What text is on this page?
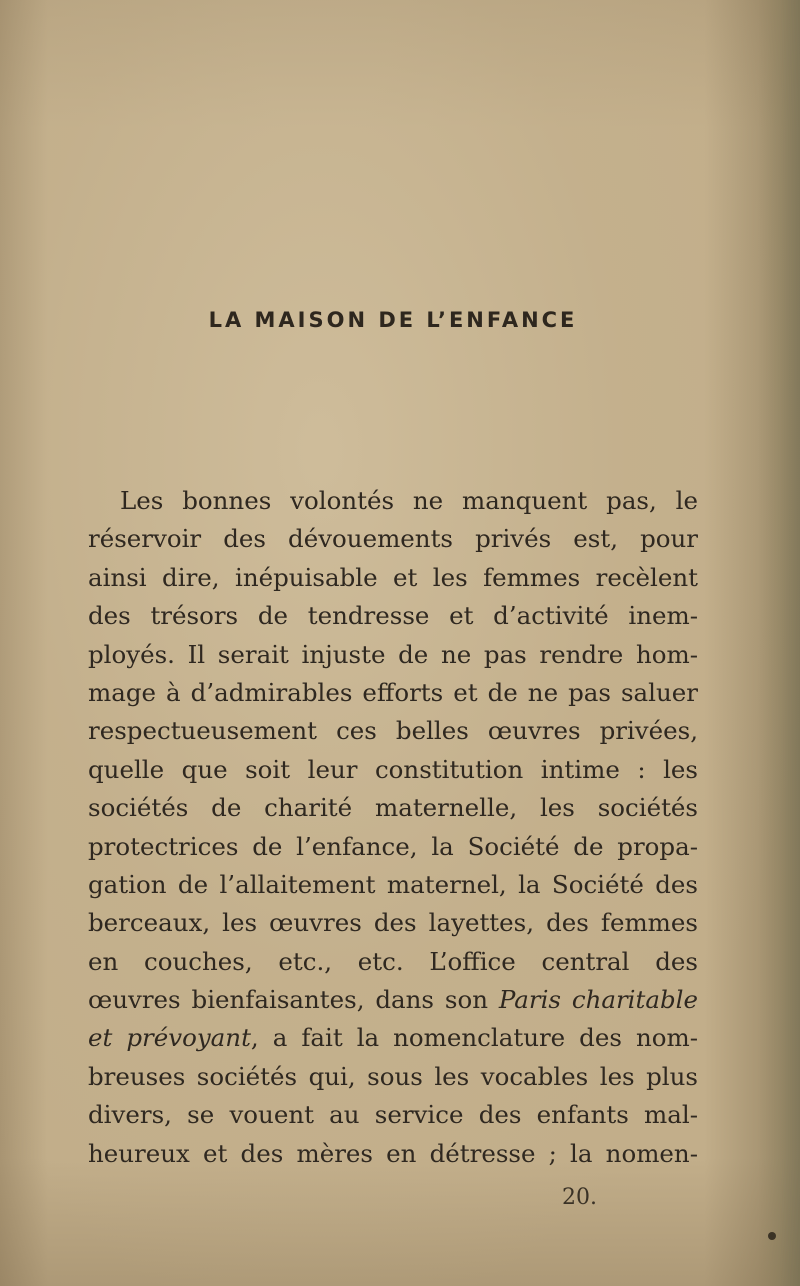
LA MAISON DE L’ENFANCE
Les bonnes volontés ne manquent pas, le
réservoir des dévouements privés est, pour
ainsi dire, inépuisable et les femmes recèlent
des trésors de tendresse et d’activité inem-
ployés. Il serait injuste de ne pas rendre hom-
mage à d’admirables efforts et de ne pas saluer
respectueusement ces belles œuvres privées,
quelle que soit leur constitution intime : les
sociétés de charité maternelle, les sociétés
protectrices de l’enfance, la Société de propa-
gation de l’allaitement maternel, la Société des
berceaux, les œuvres des layettes, des femmes
en couches, etc., etc. L’office central des
œuvres bienfaisantes, dans son Paris charitable
et prévoyant, a fait la nomenclature des nom-
breuses sociétés qui, sous les vocables les plus
divers, se vouent au service des enfants mal-
heureux et des mères en détresse ; la nomen-
20.
